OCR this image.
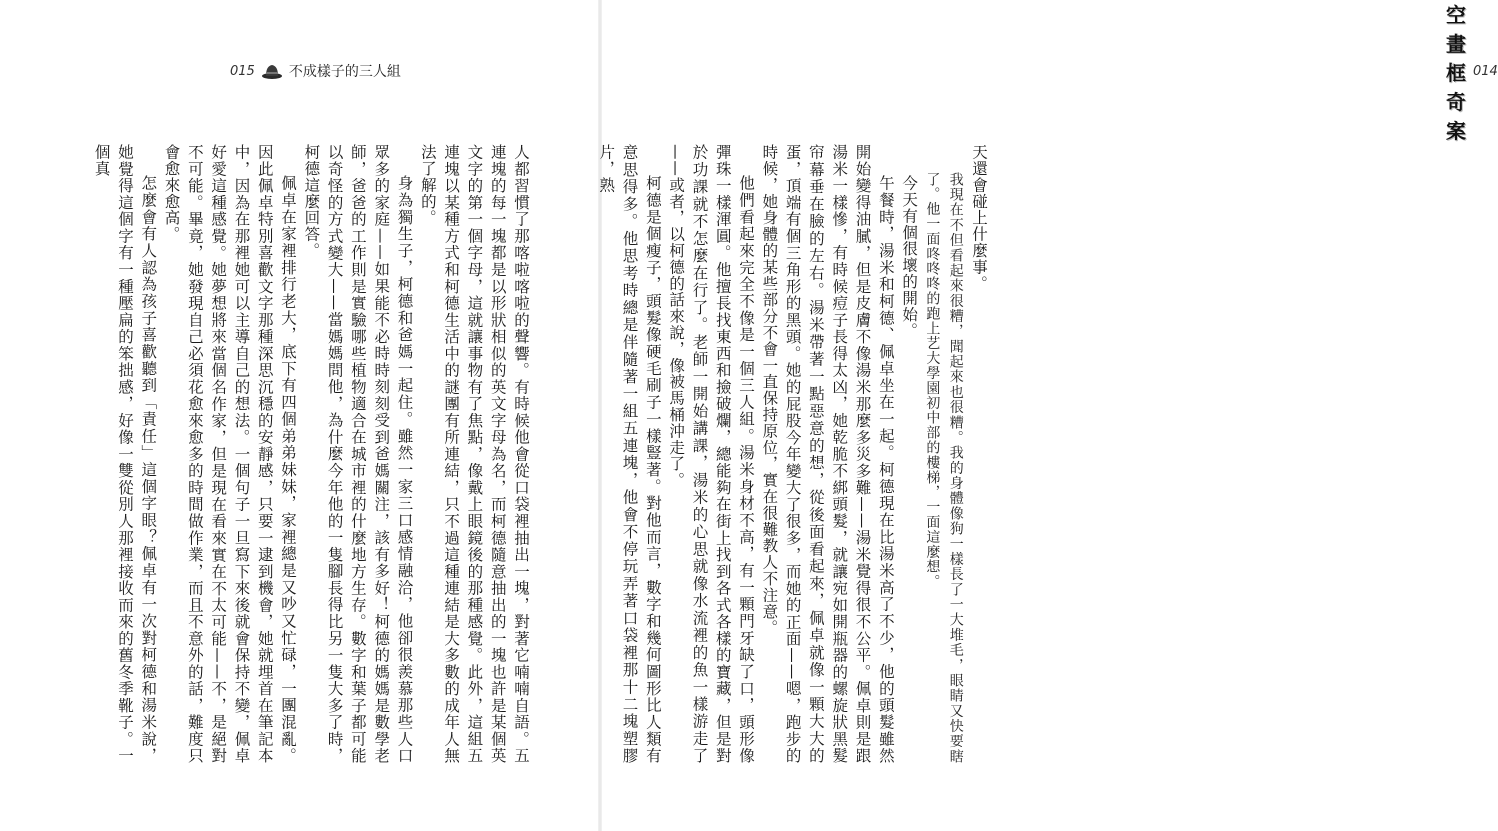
015 不成樣子的三人組

人都習慣了那喀啦喀啦的聲響。有時候他會從口袋裡抽出一塊，對著它喃喃自語。五連塊的每一塊都是以形狀相似的英文字母為名，而柯德隨意抽出的一塊也許是某個英文字的第一個字母，這就讓事物有了焦點，像戴上眼鏡後的那種感覺。此外，這組五連塊以某種方式和柯德生活中的謎團有所連結，只不過這種連結是大多數的成年人無法了解的。

身為獨生子，柯德和爸媽一起住。雖然一家三口感情融洽，他卻很羨慕那些人口眾多的家庭——如果能不必時時刻刻受到爸媽關注，該有多好！柯德的媽媽是數學老師，爸爸的工作則是實驗哪些植物適合在城市裡的什麼地方生存。數字和葉子都可能以奇怪的方式變大——當媽媽問他，為什麼今年他的一隻腳長得比另一隻大多了時，柯德這麼回答。

佩卓在家裡排行老大，底下有四個弟弟妹妹，家裡總是又吵又忙碌，一團混亂。因此佩卓特別喜歡文字那種深思沉穩的安靜感，只要一逮到機會，她就埋首在筆記本中，因為在那裡她可以主導自己的想法。一個句子一旦寫下來後就會保持不變，佩卓好愛這種感覺。她夢想將來當個名作家，但是現在看來實在不太可能——不，是絕對不可能。畢竟，她發現自己必須花愈來愈多的時間做作業，而且不意外的話，難度只會愈來愈高。

怎麼會有人認為孩子喜歡聽到「責任」這個字眼？佩卓有一次對柯德和湯米說，她覺得這個字有一種壓扁的笨拙感，好像一雙從別人那裡接收而來的舊冬季靴子。一個真

空畫框奇案
014

天還會碰上什麼事。

我現在不但看起來很糟，聞起來也很糟。我的身體像狗一樣長了一大堆毛，眼睛又快要瞎了。他一面咚咚咚的跑上艺大學園初中部的樓梯，一面這麼想。

今天有個很壞的開始。

午餐時，湯米和柯德、佩卓坐在一起。柯德現在比湯米高了不少，他的頭髮雖然開始變得油膩，但是皮膚不像湯米那麼多災多難——湯米覺得很不公平。佩卓則是跟湯米一樣慘，有時候痘子長得太凶，她乾脆不綁頭髮，就讓宛如開瓶器的螺旋狀黑髮帘幕垂在臉的左右。湯米帶著一點惡意的想，從後面看起來，佩卓就像一顆大大的蛋，頂端有個三角形的黑頭。她的屁股今年變大了很多，而她的正面——嗯，跑步的時候，她身體的某些部分不會一直保持原位，實在很難教人不注意。

他們看起來完全不像是一個三人組。湯米身材不高，有一顆門牙缺了口，頭形像彈珠一樣渾圓。他擅長找東西和撿破爛，總能夠在街上找到各式各樣的寶藏，但是對於功課就不怎麼在行了。老師一開始講課，湯米的心思就像水流裡的魚一樣游走了——或者，以柯德的話來說，像被馬桶沖走了。

柯德是個瘦子，頭髮像硬毛刷子一樣豎著。對他而言，數字和幾何圖形比人類有意思得多。他思考時總是伴隨著一組五連塊，他會不停玩弄著口袋裡那十二塊塑膠片，熟
